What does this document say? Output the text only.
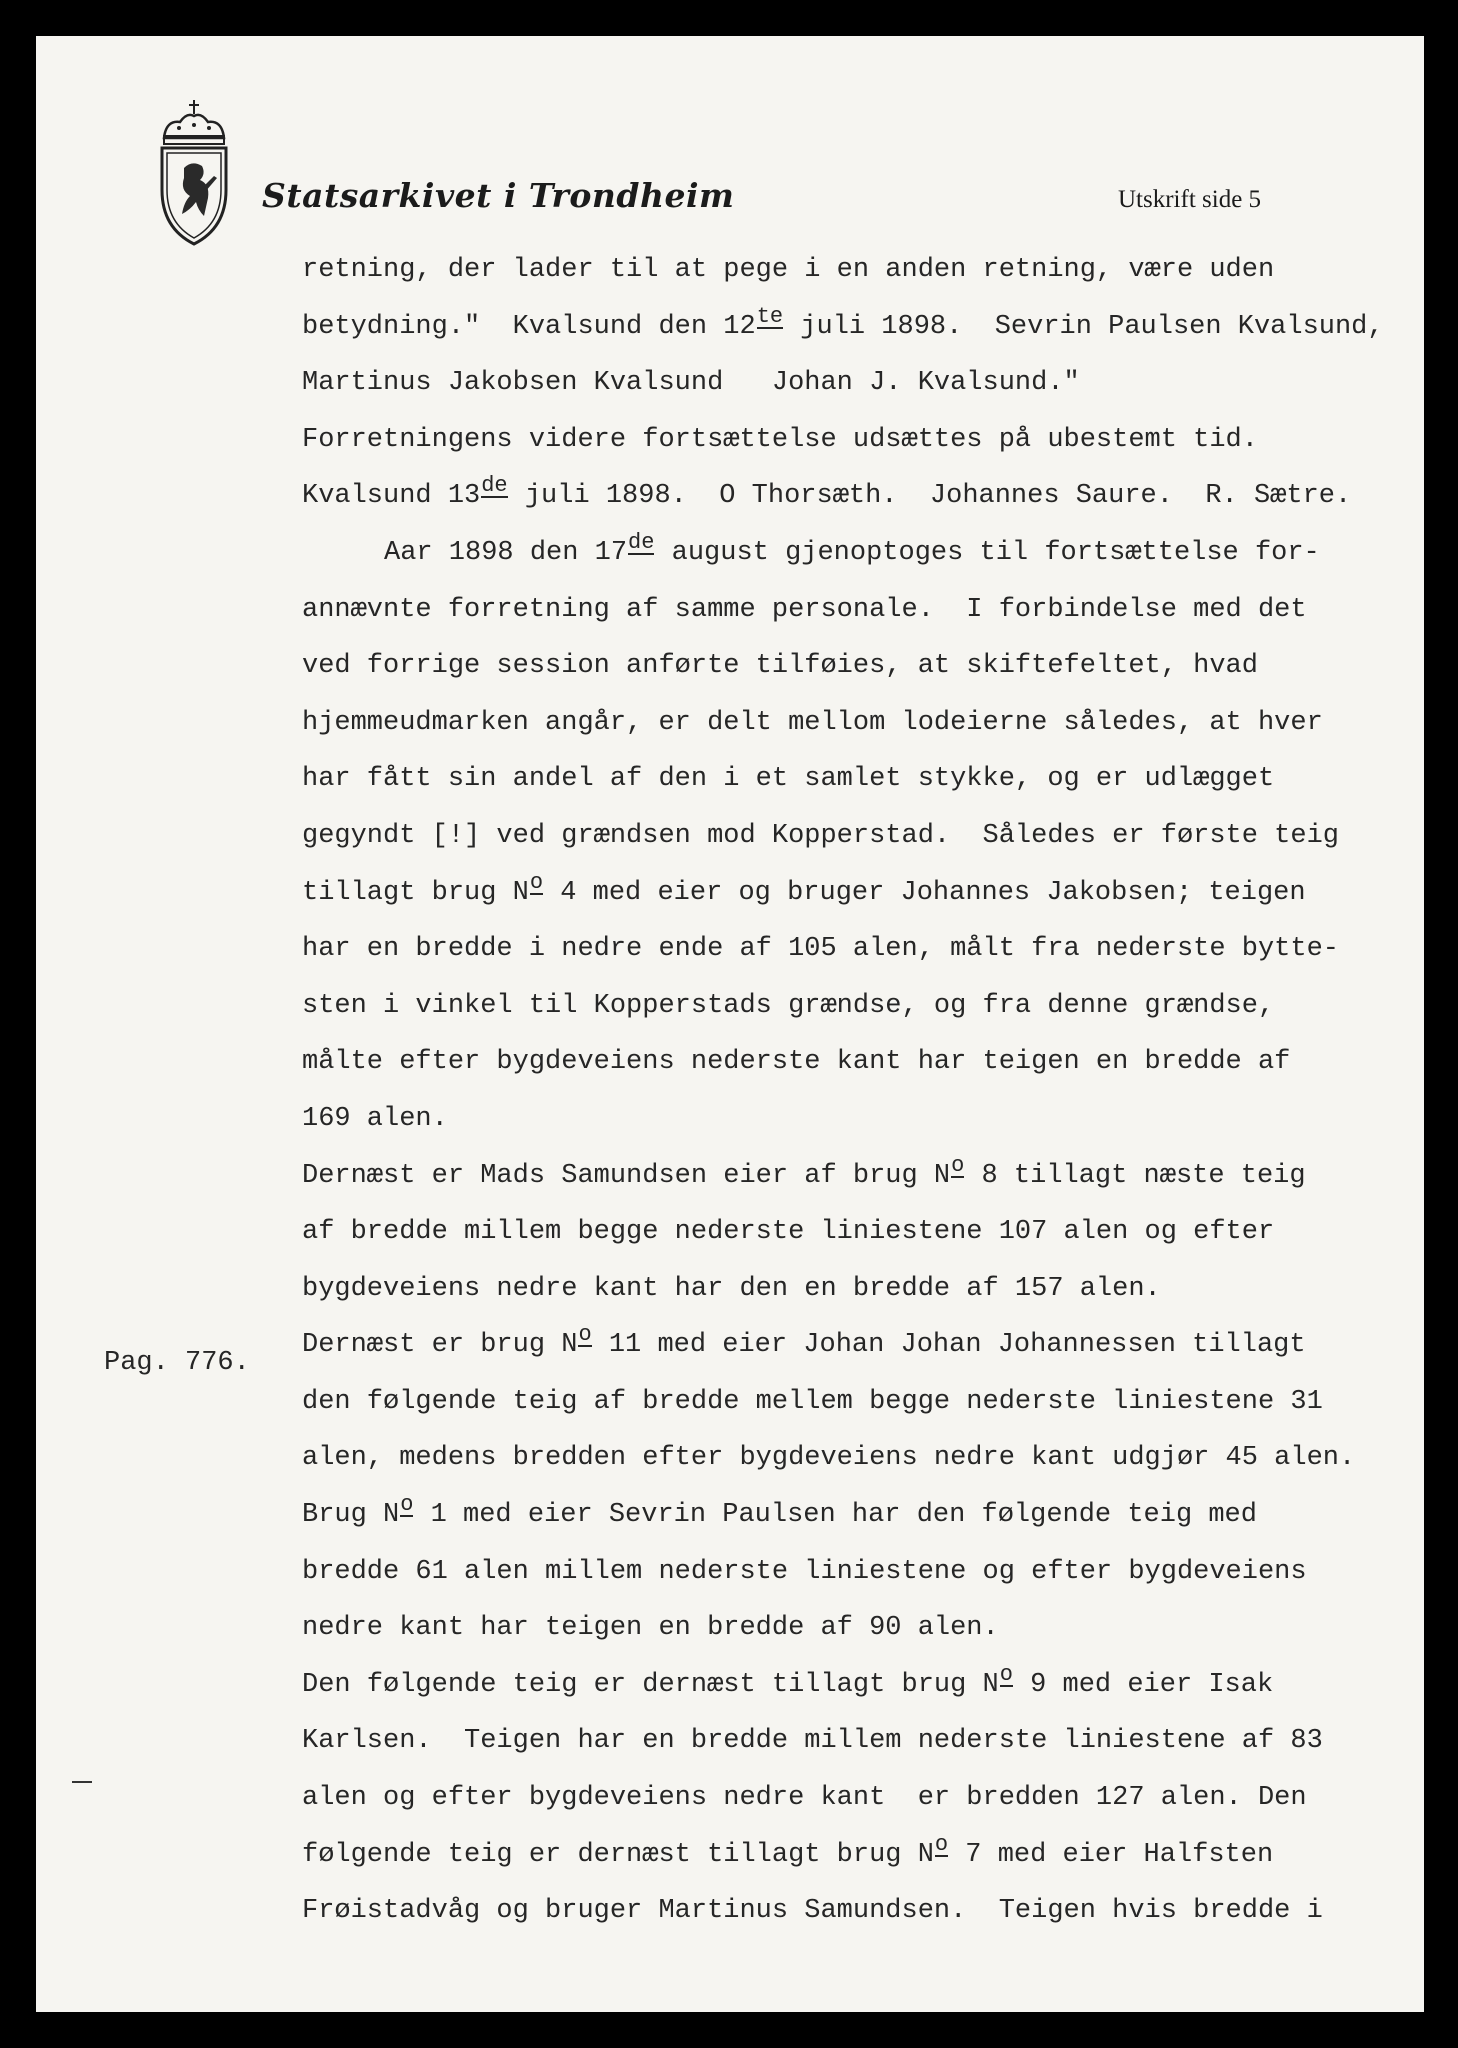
Statsarkivet i Trondheim	Utskrift side 5
Pag. 776.
retning, der lader til at pege i en anden retning, være uden
betydning."  Kvalsund den 12te juli 1898.  Sevrin Paulsen Kvalsund,
Martinus Jakobsen Kvalsund   Johan J. Kvalsund."
Forretningens videre fortsættelse udsættes på ubestemt tid.
Kvalsund 13de juli 1898.  O Thorsæth.  Johannes Saure.  R. Sætre.
Aar 1898 den 17de august gjenoptoges til fortsættelse for-
annævnte forretning af samme personale.  I forbindelse med det
ved forrige session anførte tilføies, at skiftefeltet, hvad
hjemmeudmarken angår, er delt mellom lodeierne således, at hver
har fått sin andel af den i et samlet stykke, og er udlægget
gegyndt [!] ved grændsen mod Kopperstad.  Således er første teig
tillagt brug No 4 med eier og bruger Johannes Jakobsen; teigen
har en bredde i nedre ende af 105 alen, målt fra nederste bytte-
sten i vinkel til Kopperstads grændse, og fra denne grændse,
målte efter bygdeveiens nederste kant har teigen en bredde af
169 alen.
Dernæst er Mads Samundsen eier af brug No 8 tillagt næste teig
af bredde millem begge nederste liniestene 107 alen og efter
bygdeveiens nedre kant har den en bredde af 157 alen.
Dernæst er brug No 11 med eier Johan Johan Johannessen tillagt
den følgende teig af bredde mellem begge nederste liniestene 31
alen, medens bredden efter bygdeveiens nedre kant udgjør 45 alen.
Brug No 1 med eier Sevrin Paulsen har den følgende teig med
bredde 61 alen millem nederste liniestene og efter bygdeveiens
nedre kant har teigen en bredde af 90 alen.
Den følgende teig er dernæst tillagt brug No 9 med eier Isak
Karlsen.  Teigen har en bredde millem nederste liniestene af 83
alen og efter bygdeveiens nedre kant  er bredden 127 alen. Den
følgende teig er dernæst tillagt brug No 7 med eier Halfsten
Frøistadvåg og bruger Martinus Samundsen.  Teigen hvis bredde i
